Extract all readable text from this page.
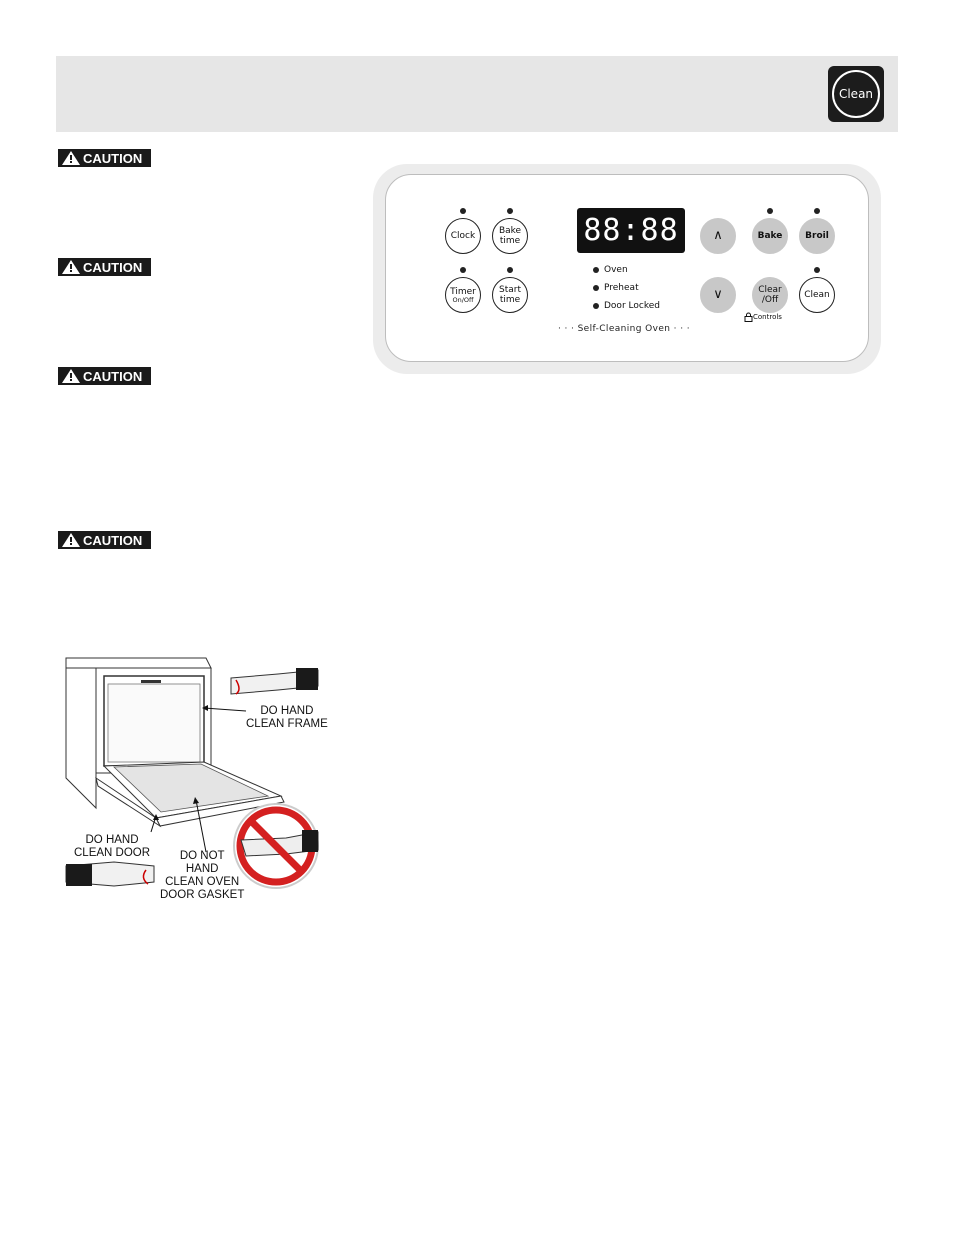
Clean
CAUTION
CAUTION
CAUTION
CAUTION
Clock	Bake
time
Timer
On/Off
Start
time
88:88
Oven
Preheat
Door Locked
∧
∨
Bake	Broil
Clear
/Off	Clean
Controls
· · · Self-Cleaning Oven · · ·
DO HAND
CLEAN FRAME
DO HAND
CLEAN DOOR	DO NOT
HAND
CLEAN OVEN
DOOR GASKET
